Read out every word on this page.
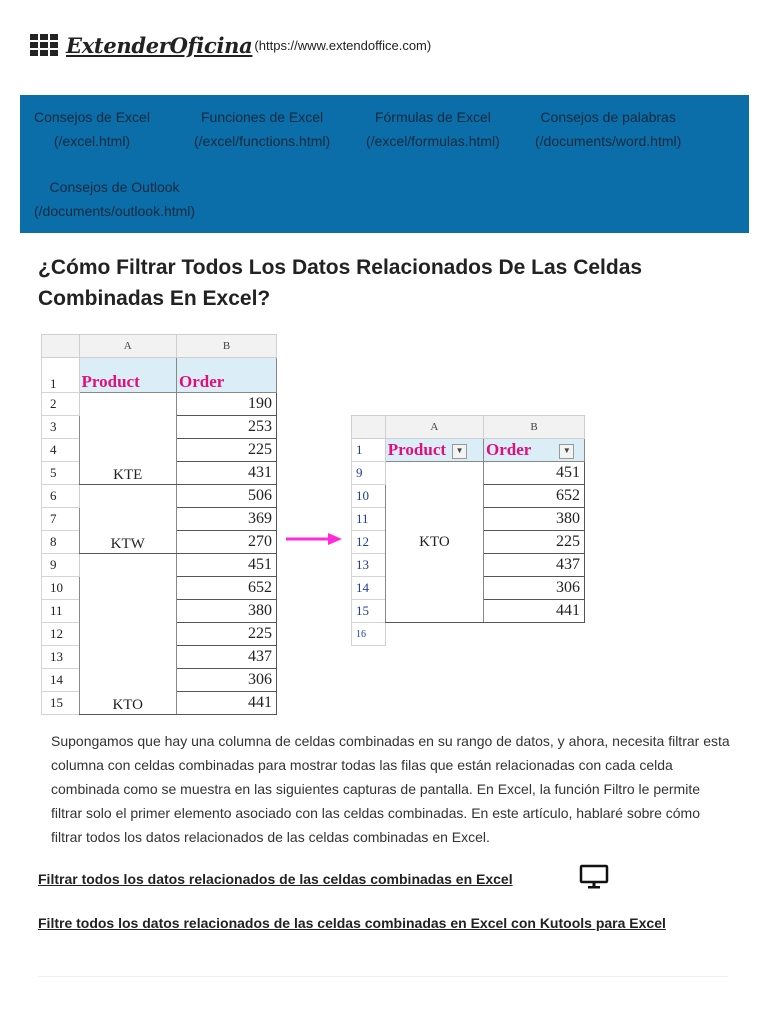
ExtenderOficina (https://www.extendoffice.com)
Consejos de Excel
(/excel.html)
Funciones de Excel
(/excel/functions.html)
Fórmulas de Excel
(/excel/formulas.html)
Consejos de palabras
(/documents/word.html)
Consejos de Outlook
(/documents/outlook.html)
¿Cómo Filtrar Todos Los Datos Relacionados De Las Celdas Combinadas En Excel?
	A	B
1	Product	Order
2	KTE	190
3		253
4		225
5		431
6	KTW	506
7		369
8		270
9	KTO	451
10		652
11		380
12		225
13		437
14		306
15		441
	A	B
1	Product ▼	Order ▼
9	KTO	451
10		652
11		380
12		225
13		437
14		306
15		441
16		

Supongamos que hay una columna de celdas combinadas en su rango de datos, y ahora, necesita filtrar esta columna con celdas combinadas para mostrar todas las filas que están relacionadas con cada celda combinada como se muestra en las siguientes capturas de pantalla. En Excel, la función Filtro le permite filtrar solo el primer elemento asociado con las celdas combinadas. En este artículo, hablaré sobre cómo filtrar todos los datos relacionados de las celdas combinadas en Excel.

Filtrar todos los datos relacionados de las celdas combinadas en Excel
Filtre todos los datos relacionados de las celdas combinadas en Excel con Kutools para Excel
